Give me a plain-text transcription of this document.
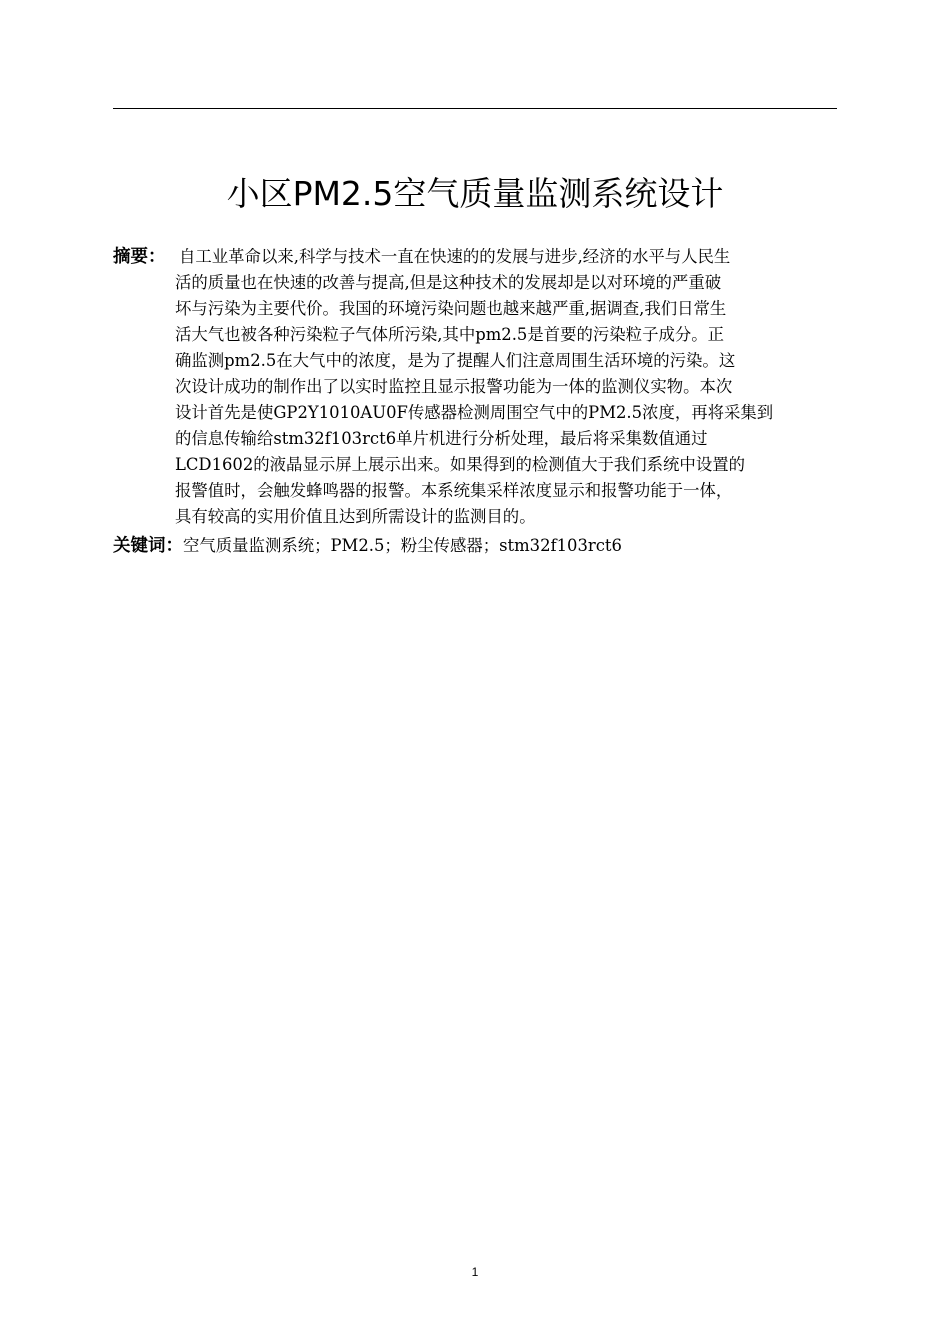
小区PM2.5空气质量监测系统设计
摘要： 自工业革命以来,科学与技术一直在快速的的发展与进步,经济的水平与人民生
活的质量也在快速的改善与提高,但是这种技术的发展却是以对环境的严重破
坏与污染为主要代价。我国的环境污染问题也越来越严重,据调查,我们日常生
活大气也被各种污染粒子气体所污染,其中pm2.5是首要的污染粒子成分。正
确监测pm2.5在大气中的浓度，是为了提醒人们注意周围生活环境的污染。这
次设计成功的制作出了以实时监控且显示报警功能为一体的监测仪实物。本次
设计首先是使GP2Y1010AU0F传感器检测周围空气中的PM2.5浓度，再将采集到
的信息传输给stm32f103rct6单片机进行分析处理，最后将采集数值通过
LCD1602的液晶显示屏上展示出来。如果得到的检测值大于我们系统中设置的
报警值时，会触发蜂鸣器的报警。本系统集采样浓度显示和报警功能于一体，
具有较高的实用价值且达到所需设计的监测目的。
关键词：空气质量监测系统；PM2.5；粉尘传感器；stm32f103rct6
1
